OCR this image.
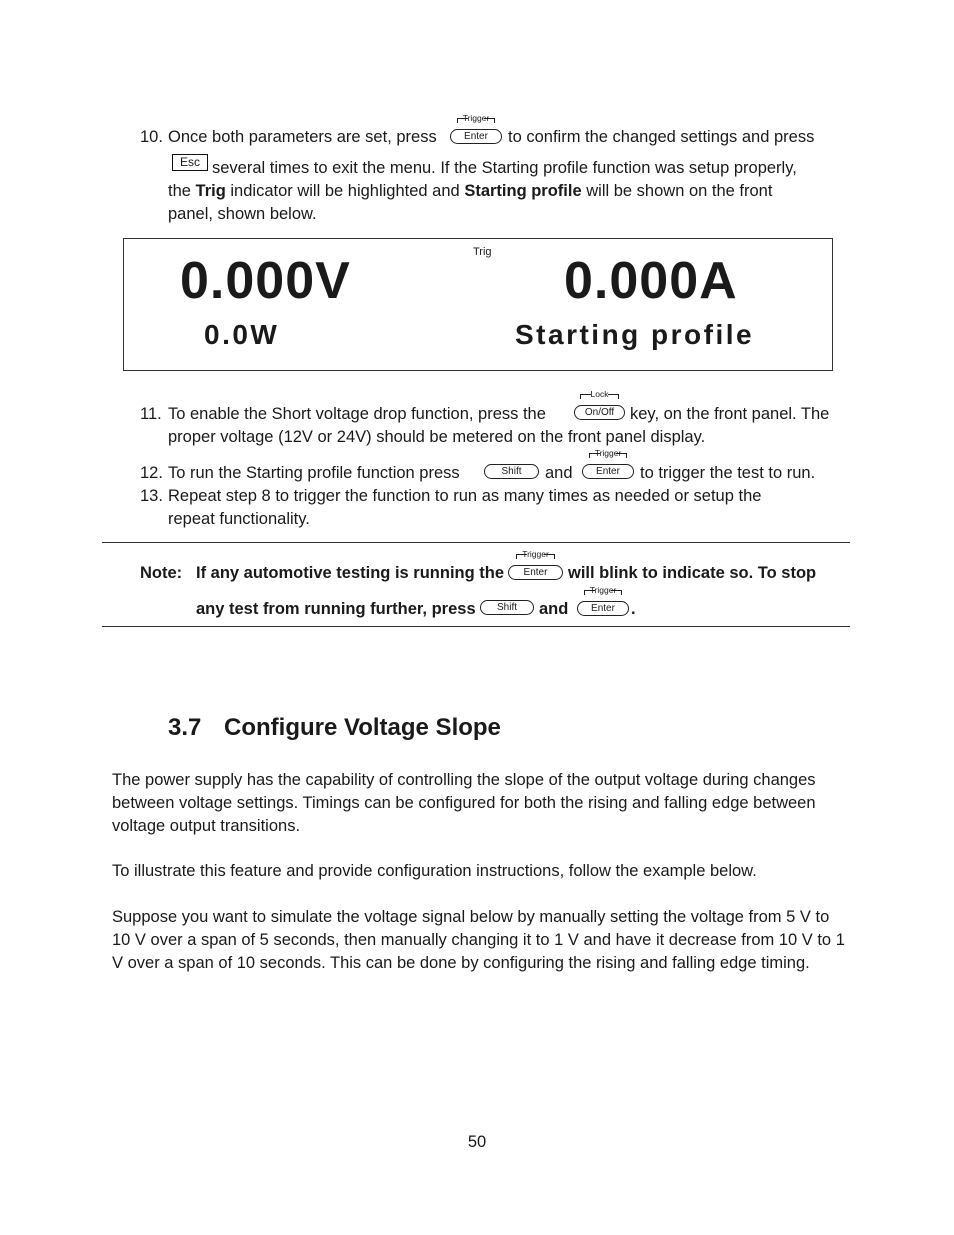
10. Once both parameters are set, press
Trigger
Enter	to confirm the changed settings and press
Esc several times to exit the menu. If the Starting profile function was setup properly,
the Trig indicator will be highlighted and Starting profile will be shown on the front
panel, shown below.
Trig
0.000V	0.000A
0.0W	Starting profile
11. To enable the Short voltage drop function, press the
Lock
On/Off key, on the front panel. The
proper voltage (12V or 24V) should be metered on the front panel display.
12. To run the Starting profile function press	Shift	and
Trigger
Enter	to trigger the test to run.
13. Repeat step 8 to trigger the function to run as many times as needed or setup the
repeat functionality.
Note: If any automotive testing is running the
Trigger
Enter	will blink to indicate so. To stop
any test from running further, press	Shift	and
Trigger
Enter .
3.7 Configure Voltage Slope
The power supply has the capability of controlling the slope of the output voltage during changes between voltage settings. Timings can be configured for both the rising and falling edge between voltage output transitions.
To illustrate this feature and provide configuration instructions, follow the example below.
Suppose you want to simulate the voltage signal below by manually setting the voltage from 5 V to 10 V over a span of 5 seconds, then manually changing it to 1 V and have it decrease from 10 V to 1 V over a span of 10 seconds. This can be done by configuring the rising and falling edge timing.
50
